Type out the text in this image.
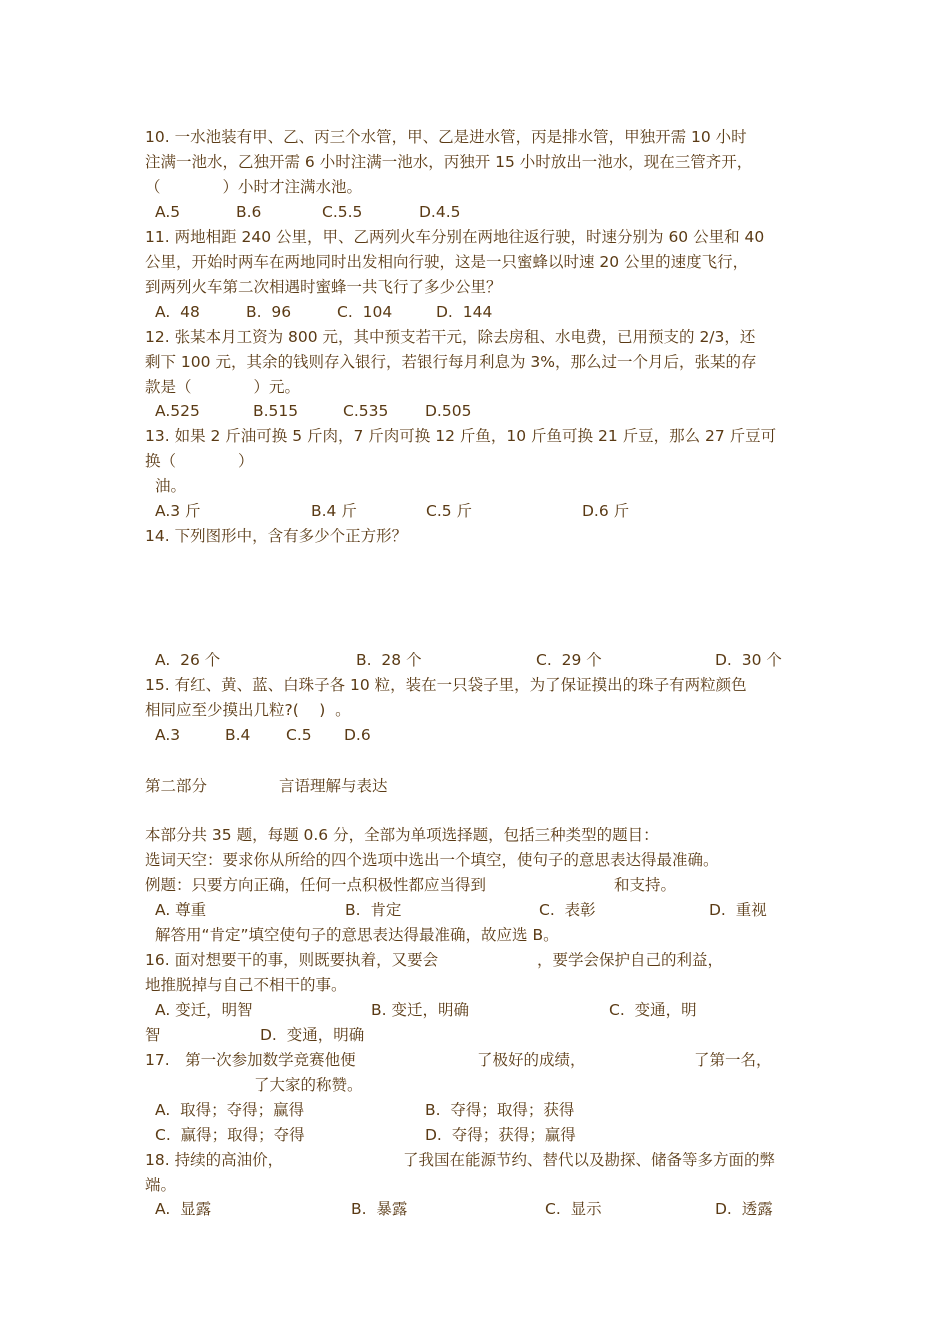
10. 一水池装有甲、乙、丙三个水管，甲、乙是进水管，丙是排水管，甲独开需 10 小时
注满一池水，乙独开需 6 小时注满一池水，丙独开 15 小时放出一池水，现在三管齐开，
（　　　　）小时才注满水池。
A.5	B.6	C.5.5	D.4.5
11. 两地相距 240 公里，甲、乙两列火车分别在两地往返行驶，时速分别为 60 公里和 40
公里，开始时两车在两地同时出发相向行驶，这是一只蜜蜂以时速 20 公里的速度飞行，
到两列火车第二次相遇时蜜蜂一共飞行了多少公里？
A.  48	B.  96	C.  104	D.  144
12. 张某本月工资为 800 元，其中预支若干元，除去房租、水电费，已用预支的 2/3，还
剩下 100 元，其余的钱则存入银行，若银行每月利息为 3%，那么过一个月后，张某的存
款是（　　　　）元。
A.525	B.515	C.535 D.505
13. 如果 2 斤油可换 5 斤肉，7 斤肉可换 12 斤鱼，10 斤鱼可换 21 斤豆，那么 27 斤豆可
换（　　　　）
油。
A.3 斤	B.4 斤	C.5 斤	D.6 斤
14. 下列图形中，含有多少个正方形？
A.  26 个	B.  28 个	C.  29 个	D.  30 个
15. 有红、黄、蓝、白珠子各 10 粒，装在一只袋子里，为了保证摸出的珠子有两粒颜色
相同应至少摸出几粒?(　 )  。
A.3	B.4 C.5 D.6
第二部分	言语理解与表达
本部分共 35 题，每题 0.6 分，全部为单项选择题，包括三种类型的题目：
选词天空：要求你从所给的四个选项中选出一个填空，使句子的意思表达得最准确。
例题：只要方向正确，任何一点积极性都应当得到	和支持。
A. 尊重	B.  肯定	C.  表彰	D.  重视
解答用“肯定”填空使句子的意思表达得最准确，故应选 B。
16. 面对想要干的事，则既要执着，又要会	，要学会保护自己的利益，
地推脱掉与自己不相干的事。
A. 变迁，明智	B. 变迁，明确	C.  变通，明
智	D.  变通，明确
17.　第一次参加数学竞赛他便	了极好的成绩，	了第一名，
了大家的称赞。
A.  取得；夺得；赢得	B.  夺得；取得；获得
C.  赢得；取得；夺得	D.  夺得；获得；赢得
18. 持续的高油价，	了我国在能源节约、替代以及勘探、储备等多方面的弊
端。
A.  显露	B.  暴露	C.  显示	D.  透露
